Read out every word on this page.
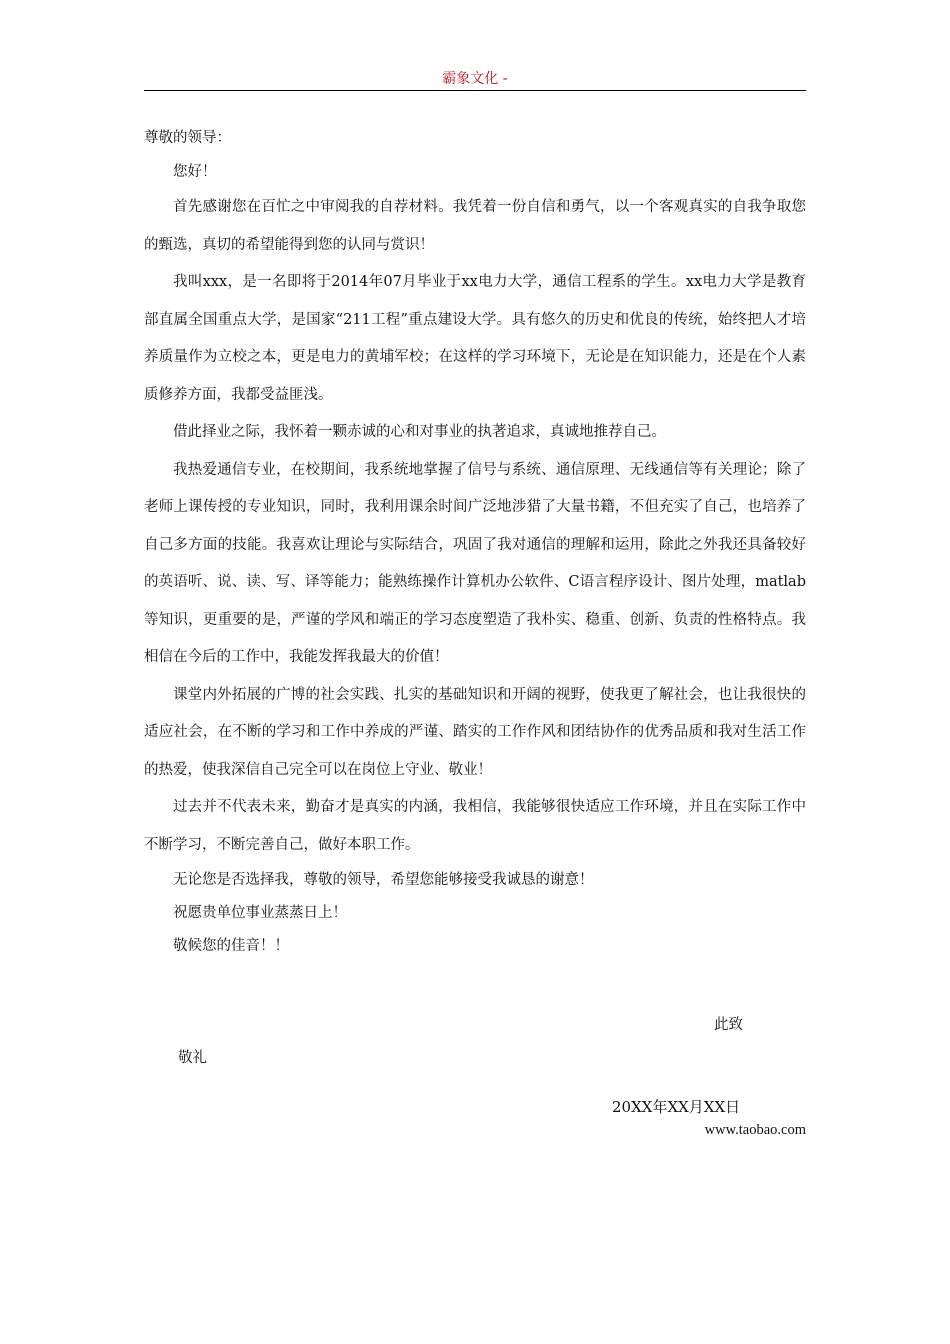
霸象文化 -
尊敬的领导：

您好！

首先感谢您在百忙之中审阅我的自荐材料。我凭着一份自信和勇气，以一个客观真实的自我争取您的甄选，真切的希望能得到您的认同与赏识！

我叫xxx，是一名即将于2014年07月毕业于xx电力大学，通信工程系的学生。xx电力大学是教育部直属全国重点大学，是国家“211工程”重点建设大学。具有悠久的历史和优良的传统，始终把人才培养质量作为立校之本，更是电力的黄埔军校；在这样的学习环境下，无论是在知识能力，还是在个人素质修养方面，我都受益匪浅。

借此择业之际，我怀着一颗赤诚的心和对事业的执著追求，真诚地推荐自己。

我热爱通信专业，在校期间，我系统地掌握了信号与系统、通信原理、无线通信等有关理论；除了老师上课传授的专业知识，同时，我利用课余时间广泛地涉猎了大量书籍，不但充实了自己，也培养了自己多方面的技能。我喜欢让理论与实际结合，巩固了我对通信的理解和运用，除此之外我还具备较好的英语听、说、读、写、译等能力；能熟练操作计算机办公软件、C语言程序设计、图片处理，matlab等知识，更重要的是，严谨的学风和端正的学习态度塑造了我朴实、稳重、创新、负责的性格特点。我相信在今后的工作中，我能发挥我最大的价值！

课堂内外拓展的广博的社会实践、扎实的基础知识和开阔的视野，使我更了解社会，也让我很快的适应社会，在不断的学习和工作中养成的严谨、踏实的工作作风和团结协作的优秀品质和我对生活工作的热爱，使我深信自己完全可以在岗位上守业、敬业！

过去并不代表未来，勤奋才是真实的内涵，我相信，我能够很快适应工作环境，并且在实际工作中不断学习，不断完善自己，做好本职工作。

无论您是否选择我，尊敬的领导，希望您能够接受我诚恳的谢意！

祝愿贵单位事业蒸蒸日上！

敬候您的佳音！！

此致
敬礼
20XX年XX月XX日
www.taobao.com
